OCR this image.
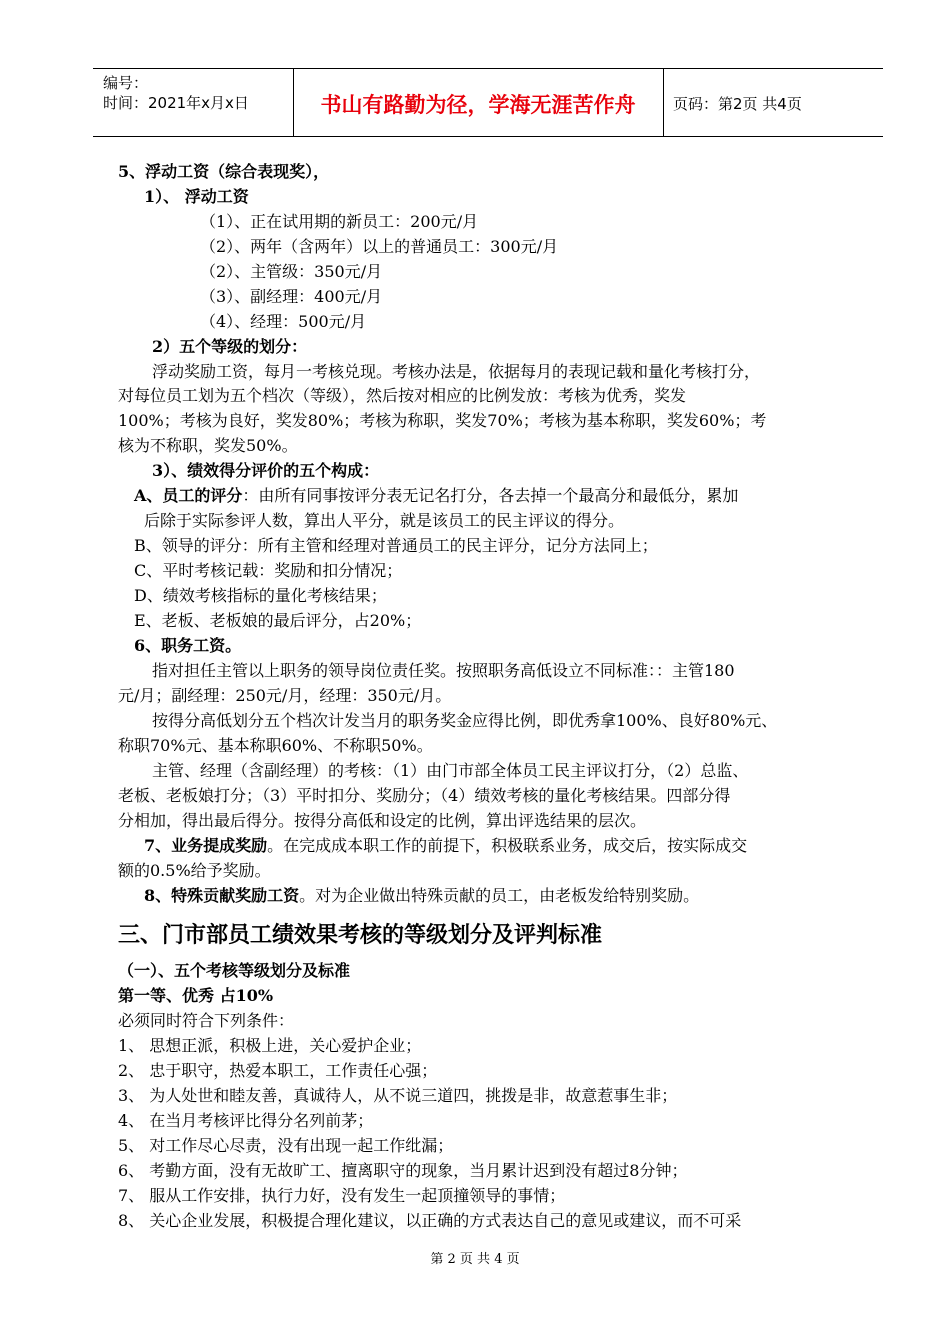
编号：
时间：2021年x月x日	书山有路勤为径，学海无涯苦作舟	页码：第2页 共4页
5、浮动工资（综合表现奖），
1）、 浮动工资
（1）、正在试用期的新员工：200元/月
（2）、两年（含两年）以上的普通员工：300元/月
（2）、主管级：350元/月
（3）、副经理：400元/月
（4）、经理：500元/月
2）五个等级的划分：
浮动奖励工资，每月一考核兑现。考核办法是，依据每月的表现记载和量化考核打分，
对每位员工划为五个档次（等级），然后按对相应的比例发放：考核为优秀，奖发
100%；考核为良好，奖发80%；考核为称职，奖发70%；考核为基本称职，奖发60%；考
核为不称职，奖发50%。
3）、绩效得分评价的五个构成：
A、员工的评分：由所有同事按评分表无记名打分，各去掉一个最高分和最低分，累加
后除于实际参评人数，算出人平分，就是该员工的民主评议的得分。
B、领导的评分：所有主管和经理对普通员工的民主评分，记分方法同上；
C、平时考核记载：奖励和扣分情况；
D、绩效考核指标的量化考核结果；
E、老板、老板娘的最后评分，占20%；
6、职务工资。
指对担任主管以上职务的领导岗位责任奖。按照职务高低设立不同标准：：主管180
元/月；副经理：250元/月，经理：350元/月。
按得分高低划分五个档次计发当月的职务奖金应得比例，即优秀拿100%、良好80%元、
称职70%元、基本称职60%、不称职50%。
主管、经理（含副经理）的考核：（1）由门市部全体员工民主评议打分，（2）总监、
老板、老板娘打分；（3）平时扣分、奖励分；（4）绩效考核的量化考核结果。四部分得
分相加，得出最后得分。按得分高低和设定的比例，算出评选结果的层次。
7、业务提成奖励。在完成成本职工作的前提下，积极联系业务，成交后，按实际成交
额的0.5%给予奖励。
8、特殊贡献奖励工资。对为企业做出特殊贡献的员工，由老板发给特别奖励。
三、门市部员工绩效果考核的等级划分及评判标准
（一）、五个考核等级划分及标准
第一等、优秀 占10%
必须同时符合下列条件：
1、 思想正派，积极上进，关心爱护企业；
2、 忠于职守，热爱本职工，工作责任心强；
3、 为人处世和睦友善，真诚待人，从不说三道四，挑拨是非，故意惹事生非；
4、 在当月考核评比得分名列前茅；
5、 对工作尽心尽责，没有出现一起工作纰漏；
6、 考勤方面，没有无故旷工、擅离职守的现象，当月累计迟到没有超过8分钟；
7、 服从工作安排，执行力好，没有发生一起顶撞领导的事情；
8、 关心企业发展，积极提合理化建议，以正确的方式表达自己的意见或建议，而不可采
第 2 页 共 4 页
